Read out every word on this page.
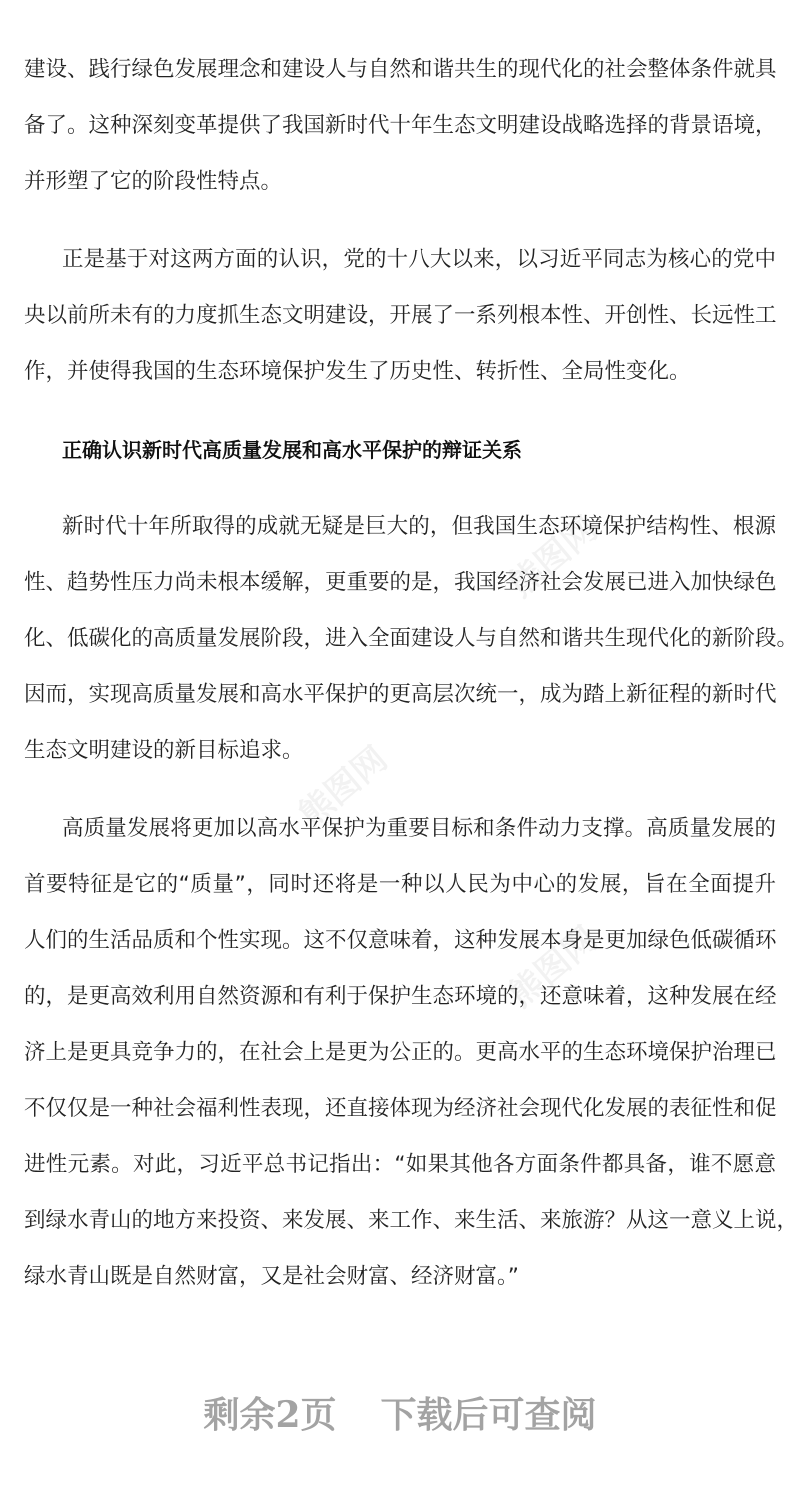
熊图网
熊图网
熊图网
建设、践行绿色发展理念和建设人与自然和谐共生的现代化的社会整体条件就具
备了。这种深刻变革提供了我国新时代十年生态文明建设战略选择的背景语境，
并形塑了它的阶段性特点。
正是基于对这两方面的认识，党的十八大以来，以习近平同志为核心的党中
央以前所未有的力度抓生态文明建设，开展了一系列根本性、开创性、长远性工
作，并使得我国的生态环境保护发生了历史性、转折性、全局性变化。
正确认识新时代高质量发展和高水平保护的辩证关系
新时代十年所取得的成就无疑是巨大的，但我国生态环境保护结构性、根源
性、趋势性压力尚未根本缓解，更重要的是，我国经济社会发展已进入加快绿色
化、低碳化的高质量发展阶段，进入全面建设人与自然和谐共生现代化的新阶段。
因而，实现高质量发展和高水平保护的更高层次统一，成为踏上新征程的新时代
生态文明建设的新目标追求。
高质量发展将更加以高水平保护为重要目标和条件动力支撑。高质量发展的
首要特征是它的“质量”，同时还将是一种以人民为中心的发展，旨在全面提升
人们的生活品质和个性实现。这不仅意味着，这种发展本身是更加绿色低碳循环
的，是更高效利用自然资源和有利于保护生态环境的，还意味着，这种发展在经
济上是更具竞争力的，在社会上是更为公正的。更高水平的生态环境保护治理已
不仅仅是一种社会福利性表现，还直接体现为经济社会现代化发展的表征性和促
进性元素。对此，习近平总书记指出：“如果其他各方面条件都具备，谁不愿意
到绿水青山的地方来投资、来发展、来工作、来生活、来旅游？从这一意义上说，
绿水青山既是自然财富，又是社会财富、经济财富。”
剩余2页 下载后可查阅
